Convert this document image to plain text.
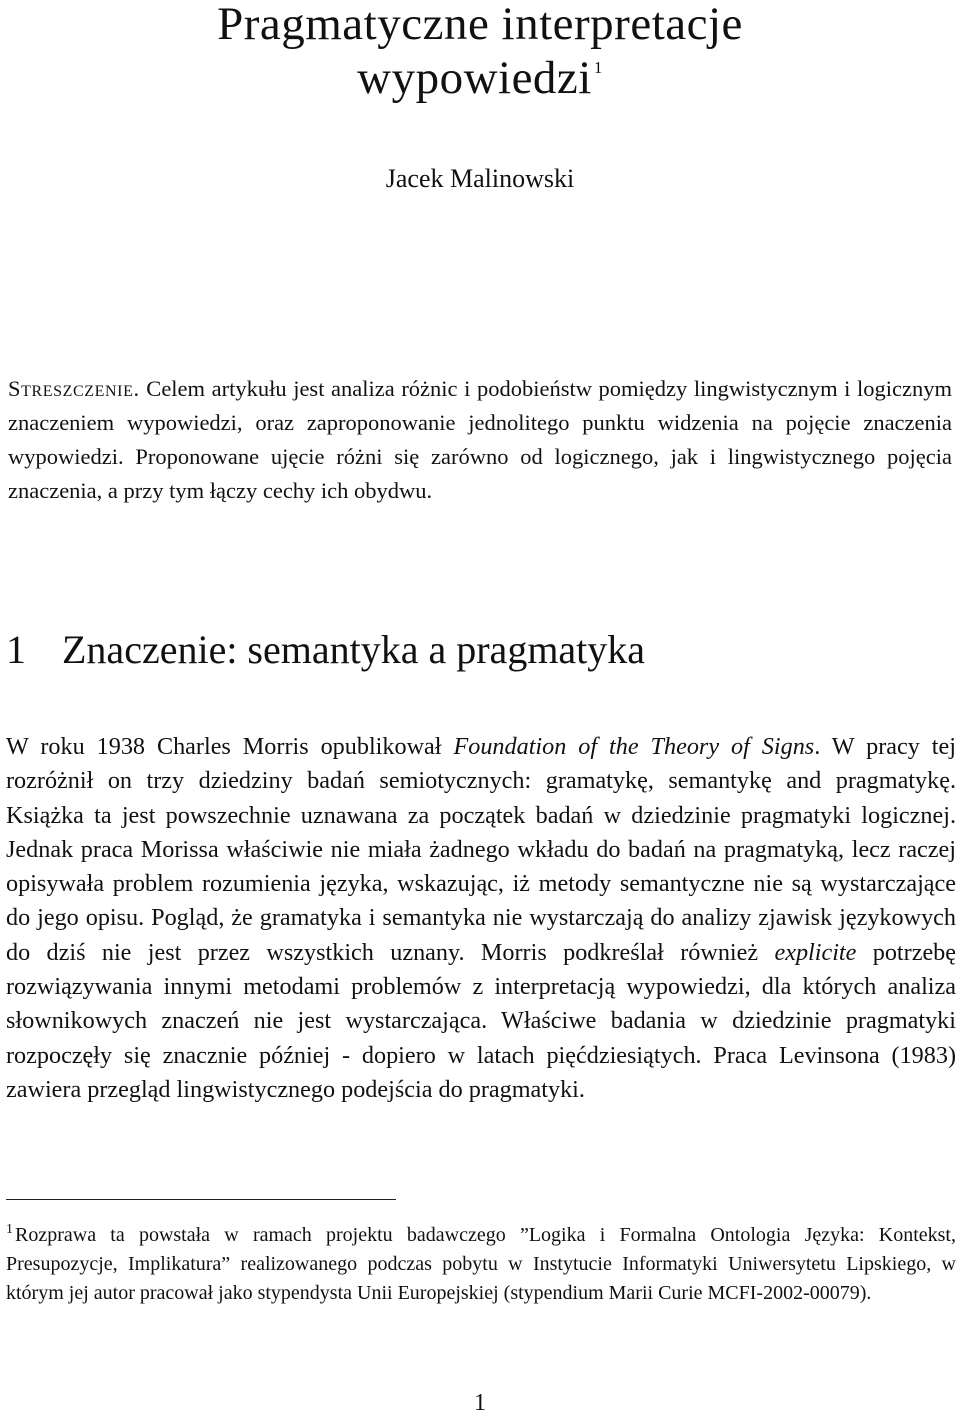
Pragmatyczne interpretacje
wypowiedzi $^1$
Jacek Malinowski

Streszczenie. Celem artykułu jest analiza różnic i podobieństw pomiędzy lingwistycznym i logicznym znaczeniem wypowiedzi, oraz zaproponowanie jednolitego punktu widzenia na pojęcie znaczenia wypowiedzi. Proponowane ujęcie różni się zarówno od logicznego, jak i lingwistycznego pojęcia znaczenia, a przy tym łączy cechy ich obydwu.

1 Znaczenie: semantyka a pragmatyka

W roku 1938 Charles Morris opublikował Foundation of the Theory of Signs. W pracy tej rozróżnił on trzy dziedziny badań semiotycznych: gramatykę, semantykę and pragmatykę. Książka ta jest powszechnie uznawana za początek badań w dziedzinie pragmatyki logicznej. Jednak praca Morissa właściwie nie miała żadnego wkładu do badań na pragmatyką, lecz raczej opisywała problem rozumienia języka, wskazując, iż metody semantyczne nie są wystarczające do jego opisu. Pogląd, że gramatyka i semantyka nie wystarczają do analizy zjawisk językowych do dziś nie jest przez wszystkich uznany. Morris podkreślał również explicite potrzebę rozwiązywania innymi metodami problemów z interpretacją wypowiedzi, dla których analiza słownikowych znaczeń nie jest wystarczająca. Właściwe badania w dziedzinie pragmatyki rozpoczęły się znacznie później - dopiero w latach pięćdziesiątych. Praca Levinsona (1983) zawiera przegląd lingwistycznego podejścia do pragmatyki.

$^1$ Rozprawa ta powstała w ramach projektu badawczego ”Logika i Formalna Ontologia Języka: Kontekst, Presupozycje, Implikatura” realizowanego podczas pobytu w Instytucie Informatyki Uniwersytetu Lipskiego, w którym jej autor pracował jako stypendysta Unii Europejskiej (stypendium Marii Curie MCFI-2002-00079).

1
